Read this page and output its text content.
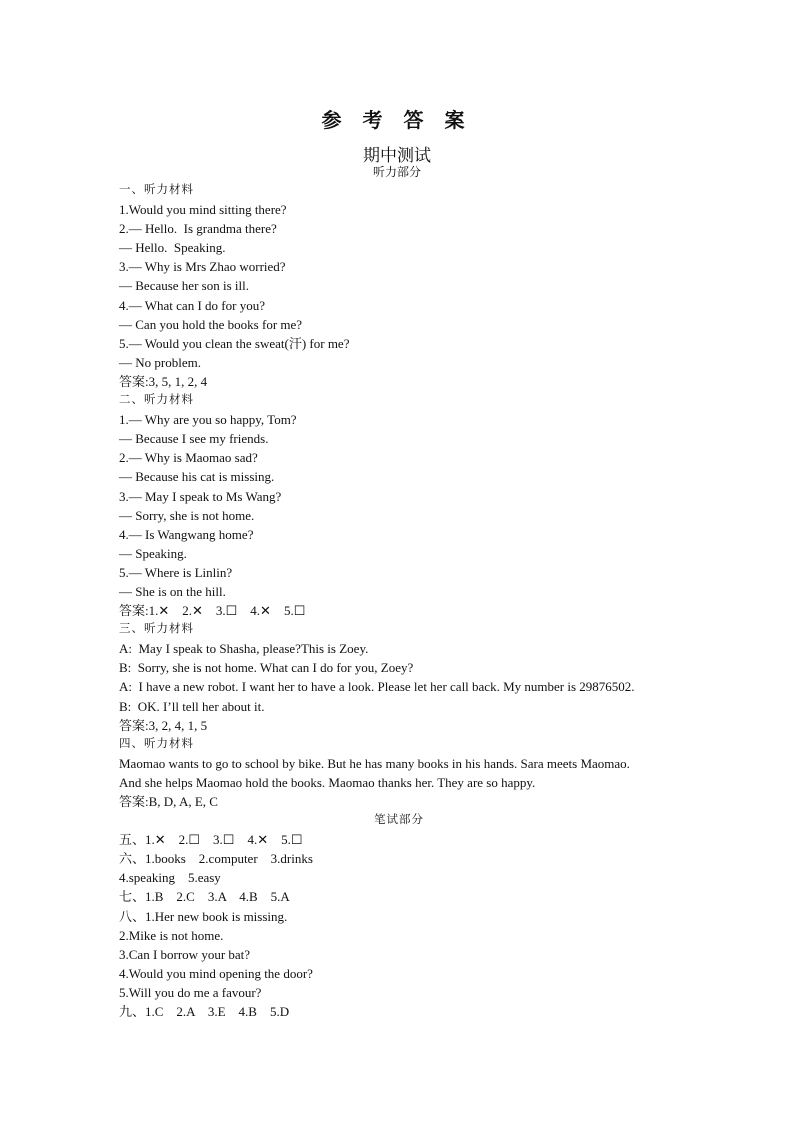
参 考 答 案
期中测试
听力部分
一、听力材料
1.Would you mind sitting there?
2.— Hello.  Is grandma there?
— Hello.  Speaking.
3.— Why is Mrs Zhao worried?
— Because her son is ill.
4.— What can I do for you?
— Can you hold the books for me?
5.— Would you clean the sweat(汗) for me?
— No problem.
答案:3, 5, 1, 2, 4
二、听力材料
1.— Why are you so happy, Tom?
— Because I see my friends.
2.— Why is Maomao sad?
— Because his cat is missing.
3.— May I speak to Ms Wang?
— Sorry, she is not home.
4.— Is Wangwang home?
— Speaking.
5.— Where is Linlin?
— She is on the hill.
答案:1.✕    2.✕    3.☐    4.✕    5.☐
三、听力材料
A:  May I speak to Shasha, please?This is Zoey.
B:  Sorry, she is not home. What can I do for you, Zoey?
A:  I have a new robot. I want her to have a look. Please let her call back. My number is 29876502.
B:  OK. I’ll tell her about it.
答案:3, 2, 4, 1, 5
四、听力材料
Maomao wants to go to school by bike. But he has many books in his hands. Sara meets Maomao.
And she helps Maomao hold the books. Maomao thanks her. They are so happy.
答案:B, D, A, E, C
笔试部分
五、1.✕    2.☐    3.☐    4.✕    5.☐
六、1.books    2.computer    3.drinks
4.speaking    5.easy
七、1.B    2.C    3.A    4.B    5.A
八、1.Her new book is missing.
2.Mike is not home.
3.Can I borrow your bat?
4.Would you mind opening the door?
5.Will you do me a favour?
九、1.C    2.A    3.E    4.B    5.D
